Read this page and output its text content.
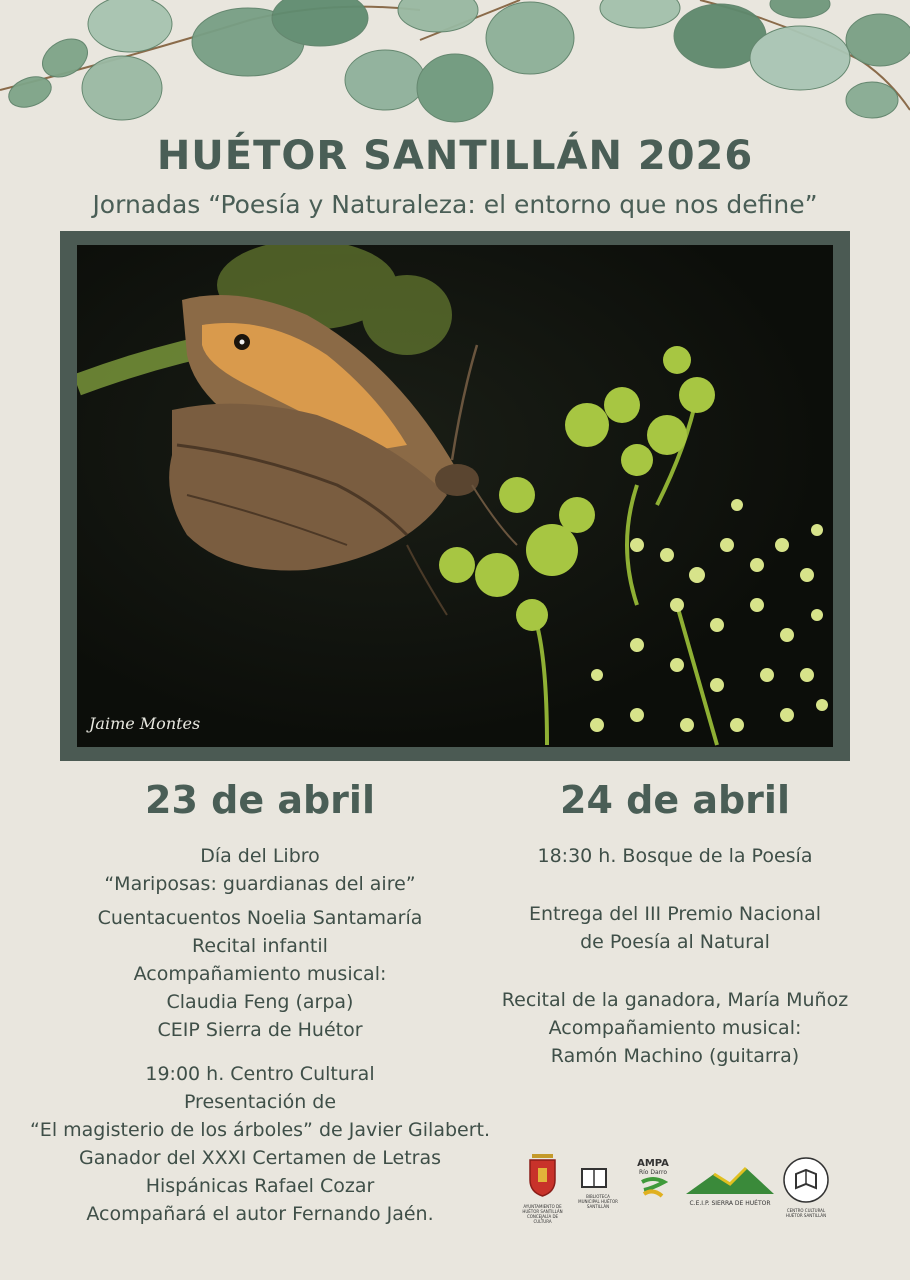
HUÉTOR SANTILLÁN 2026
Jornadas “Poesía y Naturaleza: el entorno que nos define”
Jaime Montes
23 de abril
Día del Libro
“Mariposas: guardianas del aire”
Cuentacuentos Noelia Santamaría
Recital infantil
Acompañamiento musical:
Claudia Feng (arpa)
CEIP Sierra de Huétor
19:00 h. Centro Cultural
Presentación de
“El magisterio de los árboles” de Javier Gilabert.
Ganador del XXXI Certamen de Letras
Hispánicas Rafael Cozar
Acompañará el autor Fernando Jaén.
24 de abril
18:30 h. Bosque de la Poesía
Entrega del III Premio Nacional
de Poesía al Natural
Recital de la ganadora, María Muñoz
Acompañamiento musical:
Ramón Machino (guitarra)
AYUNTAMIENTO DE HUÉTOR SANTILLÁN CONCEJALÍA DE CULTURA
BIBLIOTECA MUNICIPAL HUÉTOR SANTILLÁN
AMPA
Río Darro
C.E.I.P. SIERRA DE HUÉTOR
CENTRO CULTURAL HUÉTOR SANTILLÁN
